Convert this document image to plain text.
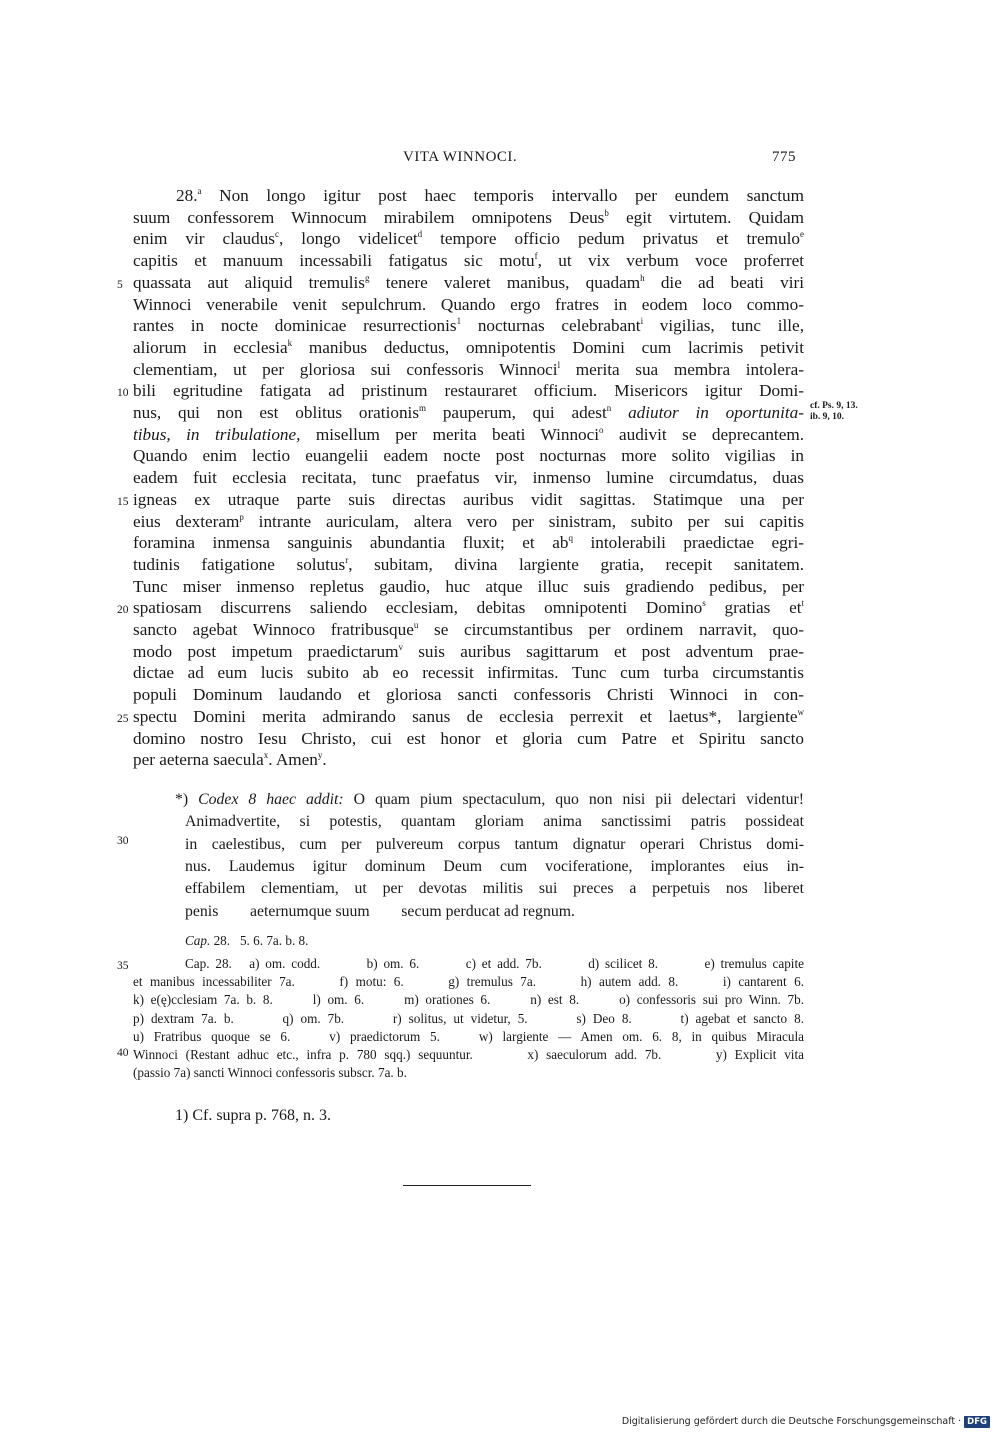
VITA WINNOCI.	775
28.$^a$ Non longo igitur post haec temporis intervallo per eundem sanctum
suum confessorem Winnocum mirabilem omnipotens Deus$^b$ egit virtutem. Quidam
enim vir claudus$^c$, longo videlicet$^d$ tempore officio pedum privatus et tremulo$^e$
capitis et manuum incessabili fatigatus sic motu$^f$, ut vix verbum voce proferret
quassata aut aliquid tremulis$^g$ tenere valeret manibus, quadam$^h$ die ad beati viri
Winnoci venerabile venit sepulchrum. Quando ergo fratres in eodem loco commo-
rantes in nocte dominicae resurrectionis$^1$ nocturnas celebrabant$^i$ vigilias, tunc ille,
aliorum in ecclesia$^k$ manibus deductus, omnipotentis Domini cum lacrimis petivit
clementiam, ut per gloriosa sui confessoris Winnoci$^l$ merita sua membra intolera-
bili egritudine fatigata ad pristinum restauraret officium. Misericors igitur Domi-
nus, qui non est oblitus orationis$^m$ pauperum, qui adest$^n$ adiutor in oportunita-
tibus, in tribulatione, misellum per merita beati Winnoci$^o$ audivit se deprecantem.
Quando enim lectio euangelii eadem nocte post nocturnas more solito vigilias in
eadem fuit ecclesia recitata, tunc praefatus vir, inmenso lumine circumdatus, duas
igneas ex utraque parte suis directas auribus vidit sagittas. Statimque una per
eius dexteram$^p$ intrante auriculam, altera vero per sinistram, subito per sui capitis
foramina inmensa sanguinis abundantia fluxit; et $ab^q$ intolerabili praedictae egri-
tudinis fatigatione solutus$^r$, subitam, divina largiente gratia, recepit sanitatem.
Tunc miser inmenso repletus gaudio, huc atque illuc suis gradiendo pedibus, per
spatiosam discurrens saliendo ecclesiam, debitas omnipotenti Domino$^s$ gratias $et^t$
sancto agebat Winnoco fratribusque$^u$ se circumstantibus per ordinem narravit, quo-
modo post impetum praedictarum$^v$ suis auribus sagittarum et post adventum prae-
dictae ad eum lucis subito ab eo recessit infirmitas. Tunc cum turba circumstantis
populi Dominum laudando et gloriosa sancti confessoris Christi Winnoci in con-
spectu Domini merita admirando sanus de ecclesia perrexit et laetus*, largiente$^w$
domino nostro Iesu Christo, cui est honor et gloria cum Patre et Spiritu sancto
per aeterna saecula$^x$. Amen$^y$.
5
10
15
20
25
30
35
40
cf. Ps. 9, 13.
ib. 9, 10.
*) Codex 8 haec addit: O quam pium spectaculum, quo non nisi pii delectari videntur!
Animadvertite, si potestis, quantam gloriam anima sanctissimi patris possideat
in caelestibus, cum per pulvereum corpus tantum dignatur operari Christus domi-
nus. Laudemus igitur dominum Deum cum vociferatione, implorantes eius in-
effabilem clementiam, ut per devotas militis sui preces a perpetuis nos liberet
penis        aeternumque suum        secum perducat ad regnum.
Cap. 28.   5. 6. 7a. b. 8.
Cap. 28.   a) om. codd.        b) om. 6.        c) et add. 7b.        d) scilicet 8.        e) tremulus capite
et manibus incessabiliter 7a.      f) motu: 6.      g) tremulus 7a.      h) autem add. 8.      i) cantarent 6.
k) e(ę)cclesiam 7a. b. 8.      l) om. 6.      m) orationes 6.      n) est 8.      o) confessoris sui pro Winn. 7b.
p) dextram 7a. b.       q) om. 7b.       r) solitus, ut videtur, 5.       s) Deo 8.       t) agebat et sancto 8.
u) Fratribus quoque se 6.    v) praedictorum 5.    w) largiente — Amen om. 6. 8, in quibus Miracula
Winnoci (Restant adhuc etc., infra p. 780 sqq.) sequuntur.       x) saeculorum add. 7b.       y) Explicit vita
(passio 7a) sancti Winnoci confessoris subscr. 7a. b.
1) Cf. supra p. 768, n. 3.
Digitalisierung gefördert durch die Deutsche Forschungsgemeinschaft · DFG
